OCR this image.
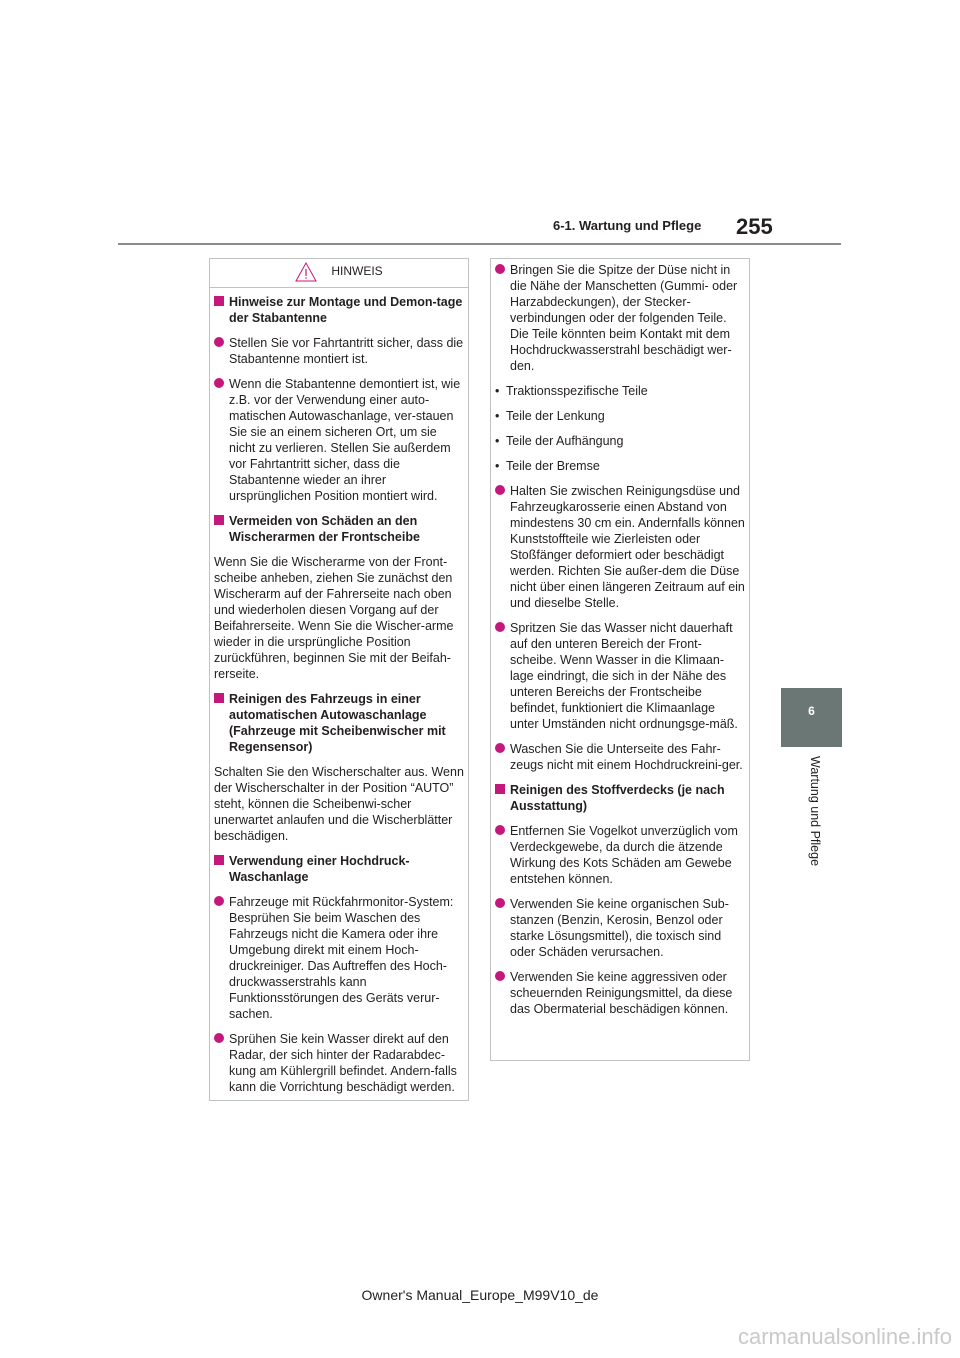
6-1. Wartung und Pflege 255
6
Wartung und Pflege
HINWEIS
Hinweise zur Montage und Demon-tage der Stabantenne
Stellen Sie vor Fahrtantritt sicher, dass die Stabantenne montiert ist.
Wenn die Stabantenne demontiert ist, wie z.B. vor der Verwendung einer auto-matischen Autowaschanlage, ver-stauen Sie sie an einem sicheren Ort, um sie nicht zu verlieren. Stellen Sie außerdem vor Fahrtantritt sicher, dass die Stabantenne wieder an ihrer ursprünglichen Position montiert wird.
Vermeiden von Schäden an den Wischerarmen der Frontscheibe
Wenn Sie die Wischerarme von der Front-scheibe anheben, ziehen Sie zunächst den Wischerarm auf der Fahrerseite nach oben und wiederholen diesen Vorgang auf der Beifahrerseite. Wenn Sie die Wischer-arme wieder in die ursprüngliche Position zurückführen, beginnen Sie mit der Beifah-rerseite.
Reinigen des Fahrzeugs in einer automatischen Autowaschanlage (Fahrzeuge mit Scheibenwischer mit Regensensor)
Schalten Sie den Wischerschalter aus. Wenn der Wischerschalter in der Position “AUTO” steht, können die Scheibenwi-scher unerwartet anlaufen und die Wischerblätter beschädigen.
Verwendung einer Hochdruck-Waschanlage
Fahrzeuge mit Rückfahrmonitor-System: Besprühen Sie beim Waschen des Fahrzeugs nicht die Kamera oder ihre Umgebung direkt mit einem Hoch-druckreiniger. Das Auftreffen des Hoch-druckwasserstrahls kann Funktionsstörungen des Geräts verur-sachen.
Sprühen Sie kein Wasser direkt auf den Radar, der sich hinter der Radarabdec-kung am Kühlergrill befindet. Andern-falls kann die Vorrichtung beschädigt werden.
Bringen Sie die Spitze der Düse nicht in die Nähe der Manschetten (Gummi- oder Harzabdeckungen), der Stecker-verbindungen oder der folgenden Teile. Die Teile könnten beim Kontakt mit dem Hochdruckwasserstrahl beschädigt wer-den.
• Traktionsspezifische Teile
• Teile der Lenkung
• Teile der Aufhängung
• Teile der Bremse
Halten Sie zwischen Reinigungsdüse und Fahrzeugkarosserie einen Abstand von mindestens 30 cm ein. Andernfalls können Kunststoffteile wie Zierleisten oder Stoßfänger deformiert oder beschädigt werden. Richten Sie außer-dem die Düse nicht über einen längeren Zeitraum auf ein und dieselbe Stelle.
Spritzen Sie das Wasser nicht dauerhaft auf den unteren Bereich der Front-scheibe. Wenn Wasser in die Klimaan-lage eindringt, die sich in der Nähe des unteren Bereichs der Frontscheibe befindet, funktioniert die Klimaanlage unter Umständen nicht ordnungsge-mäß.
Waschen Sie die Unterseite des Fahr-zeugs nicht mit einem Hochdruckreini-ger.
Reinigen des Stoffverdecks (je nach Ausstattung)
Entfernen Sie Vogelkot unverzüglich vom Verdeckgewebe, da durch die ätzende Wirkung des Kots Schäden am Gewebe entstehen können.
Verwenden Sie keine organischen Sub-stanzen (Benzin, Kerosin, Benzol oder starke Lösungsmittel), die toxisch sind oder Schäden verursachen.
Verwenden Sie keine aggressiven oder scheuernden Reinigungsmittel, da diese das Obermaterial beschädigen können.
Owner's Manual_Europe_M99V10_de
carmanualsonline.info
